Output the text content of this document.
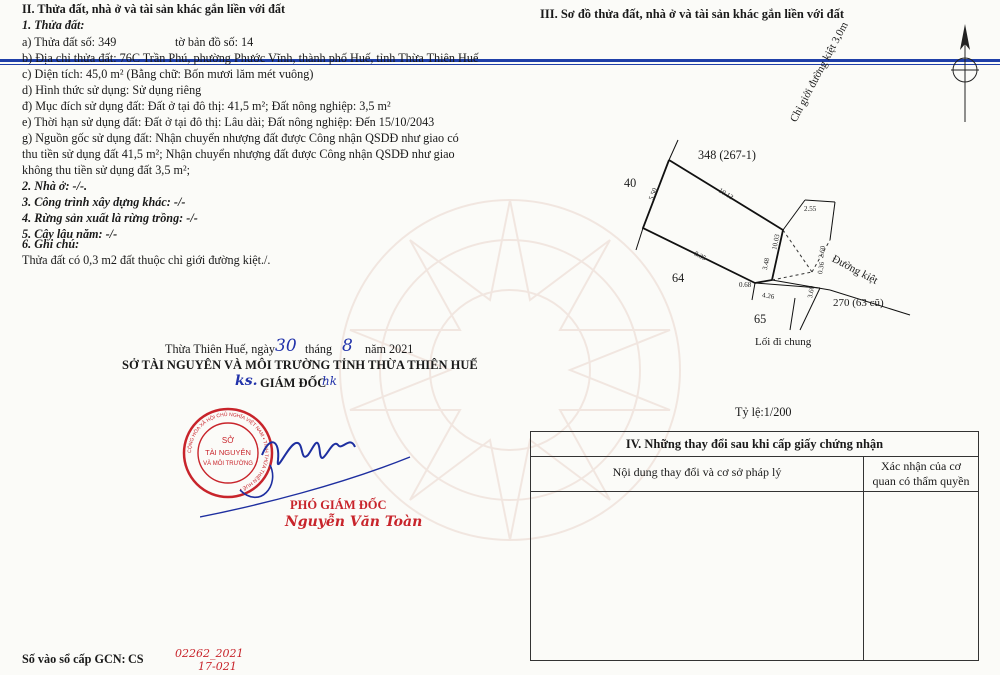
II. Thửa đất, nhà ở và tài sản khác gắn liền với đất
1. Thửa đất:
a) Thửa đất số: 349	tờ bản đồ số: 14
b) Địa chỉ thửa đất: 76C Trần Phú, phường Phước Vĩnh, thành phố Huế, tỉnh Thừa Thiên Huế
c) Diện tích: 45,0 m² (Bằng chữ: Bốn mươi lăm mét vuông)
d) Hình thức sử dụng: Sử dụng riêng
đ) Mục đích sử dụng đất: Đất ở tại đô thị: 41,5 m²; Đất nông nghiệp: 3,5 m²
e) Thời hạn sử dụng đất: Đất ở tại đô thị: Lâu dài; Đất nông nghiệp: Đến 15/10/2043
g) Nguồn gốc sử dụng đất: Nhận chuyển nhượng đất được Công nhận QSDĐ như giao có
thu tiền sử dụng đất 41,5 m²; Nhận chuyển nhượng đất được Công nhận QSDĐ như giao
không thu tiền sử dụng đất 3,5 m²;
2. Nhà ở: -/-.
3. Công trình xây dựng khác: -/-
4. Rừng sản xuất là rừng trồng: -/-
5. Cây lâu năm: -/-
6. Ghi chú:
Thửa đất có 0,3 m2 đất thuộc chỉ giới đường kiệt./.
Thừa Thiên Huế, ngày 30 tháng 8 năm 2021
SỞ TÀI NGUYÊN VÀ MÔI TRƯỜNG TỈNH THỪA THIÊN HUẾ
ks. GIÁM ĐỐC
hk
SỞ
TÀI NGUYÊN
VÀ MÔI TRƯỜNG
CỘNG HÒA XÃ HỘI CHỦ NGHĨA VIỆT NAM • TỈNH THỪA THIÊN HUẾ •
PHÓ GIÁM ĐỐC
Nguyễn Văn Toàn
Số vào sổ cấp GCN: CS	02262_2021
17-021
III. Sơ đồ thửa đất, nhà ở và tài sản khác gắn liền với đất
348 (267-1)
40
64
65
270 (63 cũ)
Lối đi chung
Chỉ giới đường kiệt 3,0m
Đường kiệt
5.50	10.13
10.03
8.35
3.48
0.68
4.26
2.55
2.60
0.36
3.60
Tỷ lệ:1/200
IV. Những thay đổi sau khi cấp giấy chứng nhận
Nội dung thay đổi và cơ sở pháp lý	Xác nhận của cơ
quan có thẩm quyền
